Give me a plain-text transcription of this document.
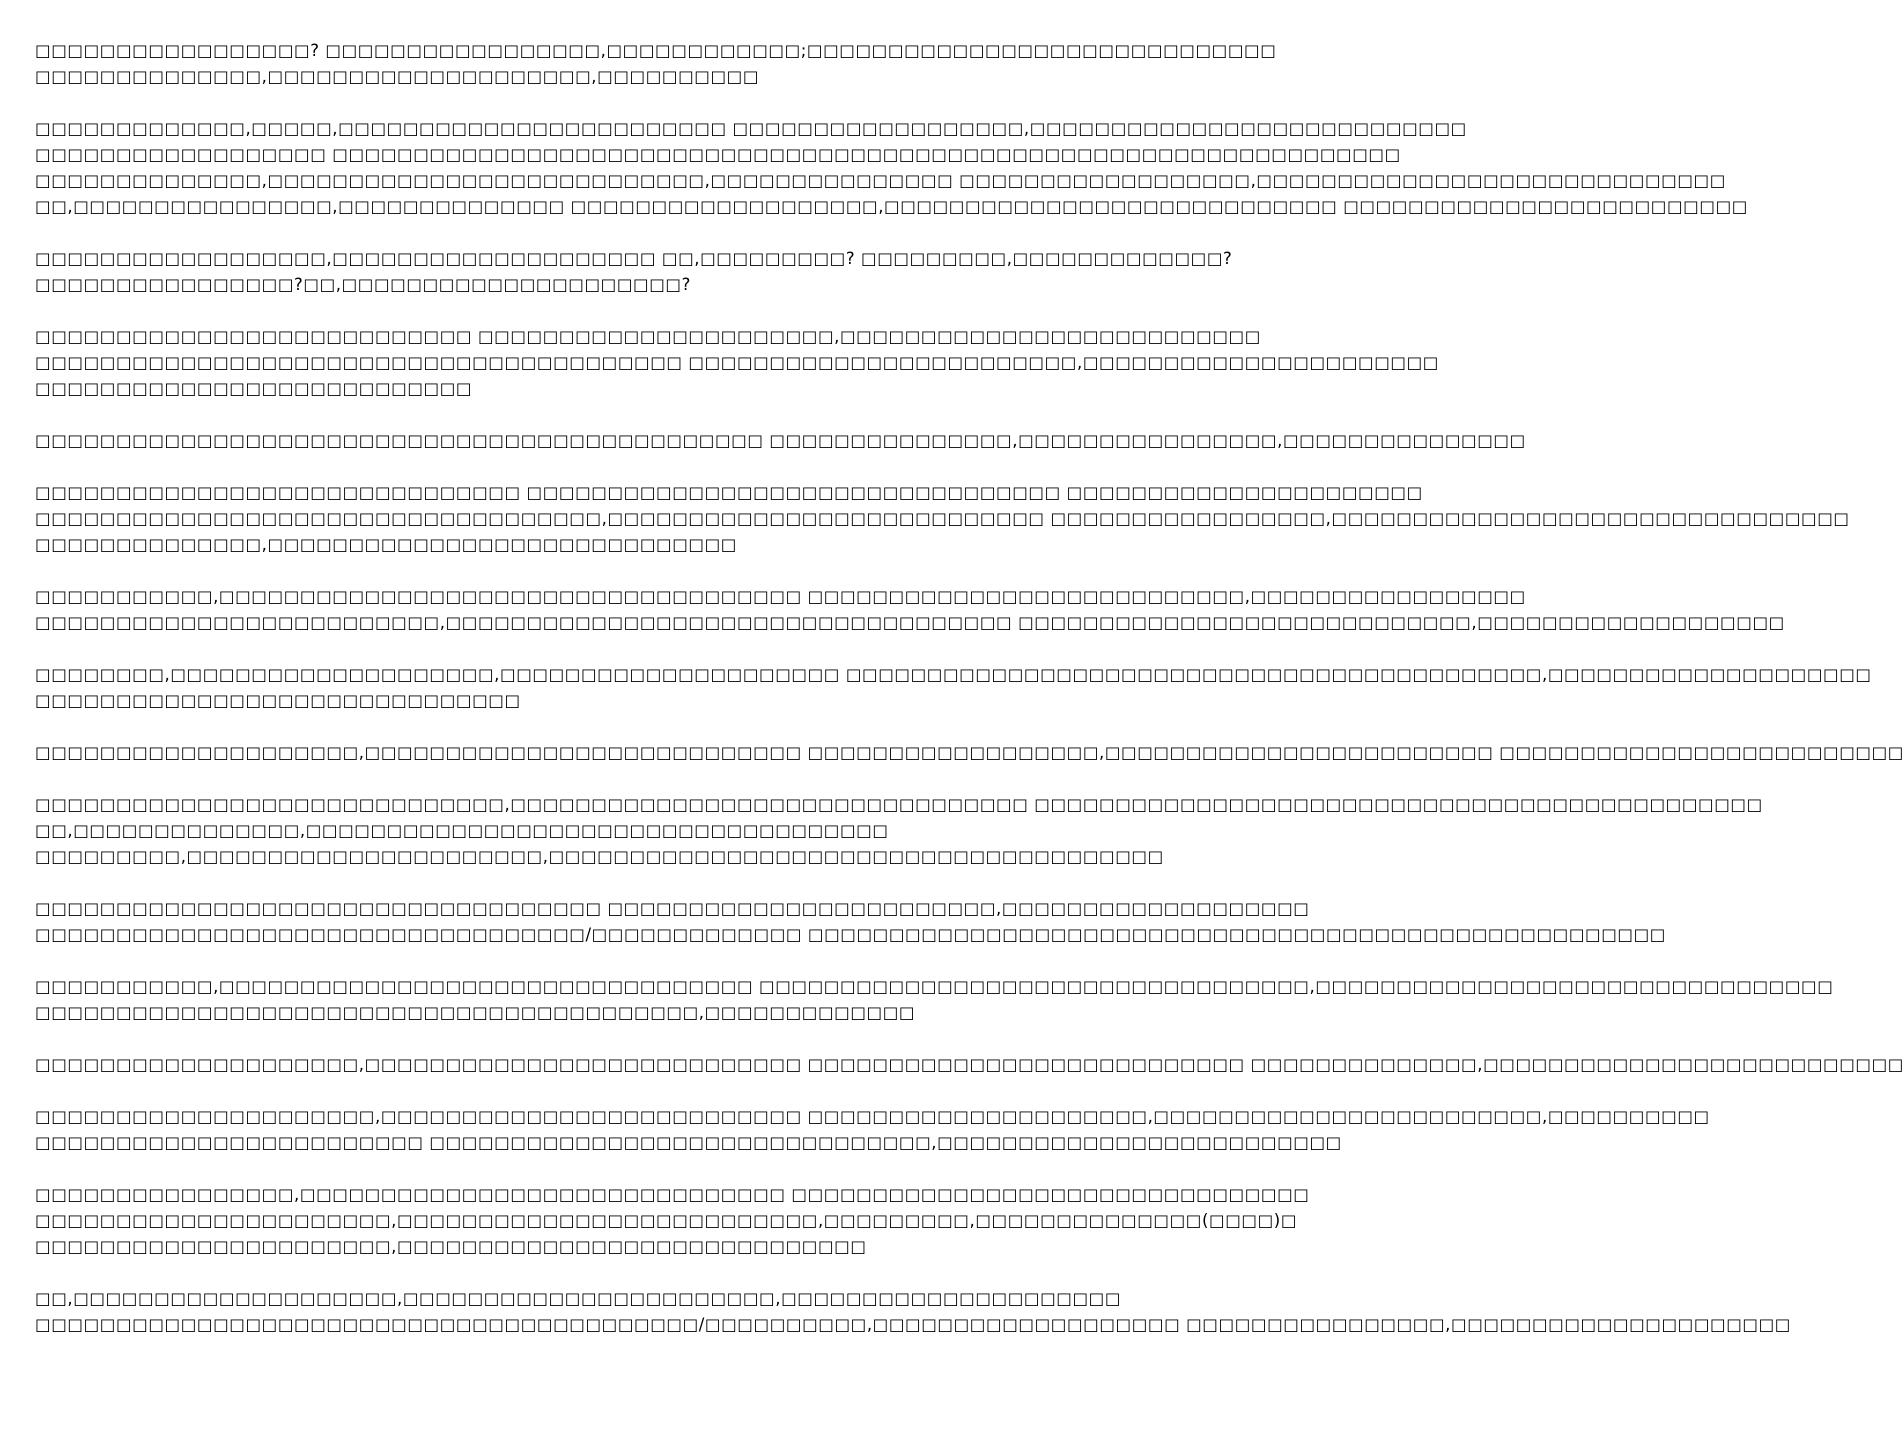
□□□□□□□□□□□□□□□□□? □□□□□□□□□□□□□□□□□,□□□□□□□□□□□□;□□□□□□□□□□□□□□□□□□□□□□□□□□□□□
□□□□□□□□□□□□□□,□□□□□□□□□□□□□□□□□□□□,□□□□□□□□□□
□□□□□□□□□□□□□,□□□□□,□□□□□□□□□□□□□□□□□□□□□□□□ □□□□□□□□□□□□□□□□□□,□□□□□□□□□□□□□□□□□□□□□□□□□□□
□□□□□□□□□□□□□□□□□□ □□□□□□□□□□□□□□□□□□□□□□□□□□□□□□□□□□□□□□□□□□□□□□□□□□□□□□□□□□□□□□□□□□
□□□□□□□□□□□□□□,□□□□□□□□□□□□□□□□□□□□□□□□□□□,□□□□□□□□□□□□□□□ □□□□□□□□□□□□□□□□□□,□□□□□□□□□□□□□□□□□□□□□□□□□□□□□
□□,□□□□□□□□□□□□□□□□,□□□□□□□□□□□□□□ □□□□□□□□□□□□□□□□□□□,□□□□□□□□□□□□□□□□□□□□□□□□□□□□ □□□□□□□□□□□□□□□□□□□□□□□□□
□□□□□□□□□□□□□□□□□□,□□□□□□□□□□□□□□□□□□□□ □□,□□□□□□□□□? □□□□□□□□□,□□□□□□□□□□□□□?
□□□□□□□□□□□□□□□□?□□,□□□□□□□□□□□□□□□□□□□□□?
□□□□□□□□□□□□□□□□□□□□□□□□□□□ □□□□□□□□□□□□□□□□□□□□□□,□□□□□□□□□□□□□□□□□□□□□□□□□□
□□□□□□□□□□□□□□□□□□□□□□□□□□□□□□□□□□□□□□□□ □□□□□□□□□□□□□□□□□□□□□□□□,□□□□□□□□□□□□□□□□□□□□□□
□□□□□□□□□□□□□□□□□□□□□□□□□□□
□□□□□□□□□□□□□□□□□□□□□□□□□□□□□□□□□□□□□□□□□□□□□ □□□□□□□□□□□□□□□,□□□□□□□□□□□□□□□□,□□□□□□□□□□□□□□□
□□□□□□□□□□□□□□□□□□□□□□□□□□□□□□ □□□□□□□□□□□□□□□□□□□□□□□□□□□□□□□□□ □□□□□□□□□□□□□□□□□□□□□□
□□□□□□□□□□□□□□□□□□□□□□□□□□□□□□□□□□□,□□□□□□□□□□□□□□□□□□□□□□□□□□□ □□□□□□□□□□□□□□□□□,□□□□□□□□□□□□□□□□□□□□□□□□□□□□□□□□
□□□□□□□□□□□□□□,□□□□□□□□□□□□□□□□□□□□□□□□□□□□□
□□□□□□□□□□□,□□□□□□□□□□□□□□□□□□□□□□□□□□□□□□□□□□□□ □□□□□□□□□□□□□□□□□□□□□□□□□□□,□□□□□□□□□□□□□□□□□
□□□□□□□□□□□□□□□□□□□□□□□□□,□□□□□□□□□□□□□□□□□□□□□□□□□□□□□□□□□□□ □□□□□□□□□□□□□□□□□□□□□□□□□□□□,□□□□□□□□□□□□□□□□□□□
□□□□□□□□,□□□□□□□□□□□□□□□□□□□□,□□□□□□□□□□□□□□□□□□□□□ □□□□□□□□□□□□□□□□□□□□□□□□□□□□□□□□□□□□□□□□□□□,□□□□□□□□□□□□□□□□□□□□
□□□□□□□□□□□□□□□□□□□□□□□□□□□□□□
□□□□□□□□□□□□□□□□□□□□,□□□□□□□□□□□□□□□□□□□□□□□□□□□ □□□□□□□□□□□□□□□□□□,□□□□□□□□□□□□□□□□□□□□□□□□ □□□□□□□□□□□□□□□□□□□□□□□□□
□□□□□□□□□□□□□□□□□□□□□□□□□□□□□,□□□□□□□□□□□□□□□□□□□□□□□□□□□□□□□□ □□□□□□□□□□□□□□□□□□□□□□□□□□□□□□□□□□□□□□□□□□□□□
□□,□□□□□□□□□□□□□□,□□□□□□□□□□□□□□□□□□□□□□□□□□□□□□□□□□□□
□□□□□□□□□,□□□□□□□□□□□□□□□□□□□□□□,□□□□□□□□□□□□□□□□□□□□□□□□□□□□□□□□□□□□□□
□□□□□□□□□□□□□□□□□□□□□□□□□□□□□□□□□□□ □□□□□□□□□□□□□□□□□□□□□□□□,□□□□□□□□□□□□□□□□□□□
□□□□□□□□□□□□□□□□□□□□□□□□□□□□□□□□□□/□□□□□□□□□□□□□ □□□□□□□□□□□□□□□□□□□□□□□□□□□□□□□□□□□□□□□□□□□□□□□□□□□□□
□□□□□□□□□□□,□□□□□□□□□□□□□□□□□□□□□□□□□□□□□□□□□ □□□□□□□□□□□□□□□□□□□□□□□□□□□□□□□□□□,□□□□□□□□□□□□□□□□□□□□□□□□□□□□□□□□
□□□□□□□□□□□□□□□□□□□□□□□□□□□□□□□□□□□□□□□□□,□□□□□□□□□□□□□
□□□□□□□□□□□□□□□□□□□□,□□□□□□□□□□□□□□□□□□□□□□□□□□□ □□□□□□□□□□□□□□□□□□□□□□□□□□□ □□□□□□□□□□□□□□,□□□□□□□□□□□□□□□□□□□□□□□□□□
□□□□□□□□□□□□□□□□□□□□□,□□□□□□□□□□□□□□□□□□□□□□□□□□ □□□□□□□□□□□□□□□□□□□□□,□□□□□□□□□□□□□□□□□□□□□□□□,□□□□□□□□□□
□□□□□□□□□□□□□□□□□□□□□□□□ □□□□□□□□□□□□□□□□□□□□□□□□□□□□□□□,□□□□□□□□□□□□□□□□□□□□□□□□□
□□□□□□□□□□□□□□□□,□□□□□□□□□□□□□□□□□□□□□□□□□□□□□□ □□□□□□□□□□□□□□□□□□□□□□□□□□□□□□□□
□□□□□□□□□□□□□□□□□□□□□□,□□□□□□□□□□□□□□□□□□□□□□□□□□,□□□□□□□□□,□□□□□□□□□□□□□□(□□□□)□
□□□□□□□□□□□□□□□□□□□□□□,□□□□□□□□□□□□□□□□□□□□□□□□□□□□□
□□,□□□□□□□□□□□□□□□□□□□□,□□□□□□□□□□□□□□□□□□□□□□□,□□□□□□□□□□□□□□□□□□□□□
□□□□□□□□□□□□□□□□□□□□□□□□□□□□□□□□□□□□□□□□□/□□□□□□□□□□,□□□□□□□□□□□□□□□□□□□ □□□□□□□□□□□□□□□□,□□□□□□□□□□□□□□□□□□□□□
